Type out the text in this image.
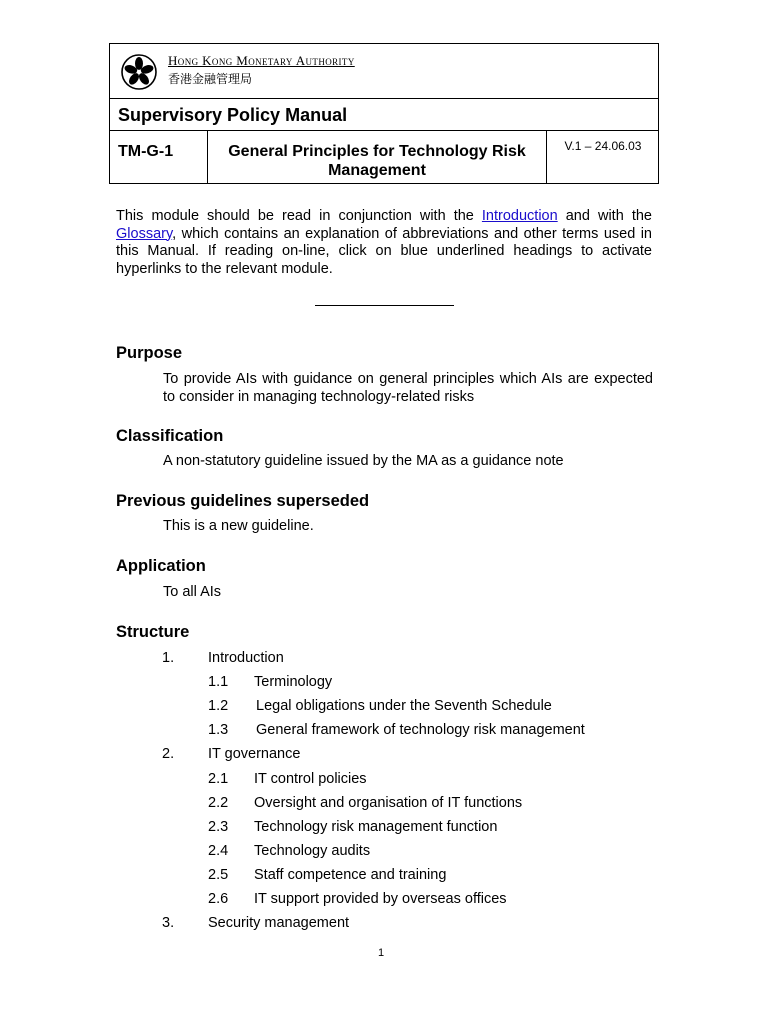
Hong Kong Monetary Authority
香港金融管理局
Supervisory Policy Manual
TM-G-1	General Principles for Technology Risk Management
V.1 – 24.06.03
This module should be read in conjunction with the Introduction and with the Glossary, which contains an explanation of abbreviations and other terms used in this Manual. If reading on-line, click on blue underlined headings to activate hyperlinks to the relevant module.
Purpose
To provide AIs with guidance on general principles which AIs are expected to consider in managing technology-related risks
Classification
A non-statutory guideline issued by the MA as a guidance note
Previous guidelines superseded
This is a new guideline.
Application
To all AIs
Structure
1. Introduction
1.1 Terminology
1.2 Legal obligations under the Seventh Schedule
1.3 General framework of technology risk management
2. IT governance
2.1 IT control policies
2.2 Oversight and organisation of IT functions
2.3 Technology risk management function
2.4 Technology audits
2.5 Staff competence and training
2.6 IT support provided by overseas offices
3. Security management
1
